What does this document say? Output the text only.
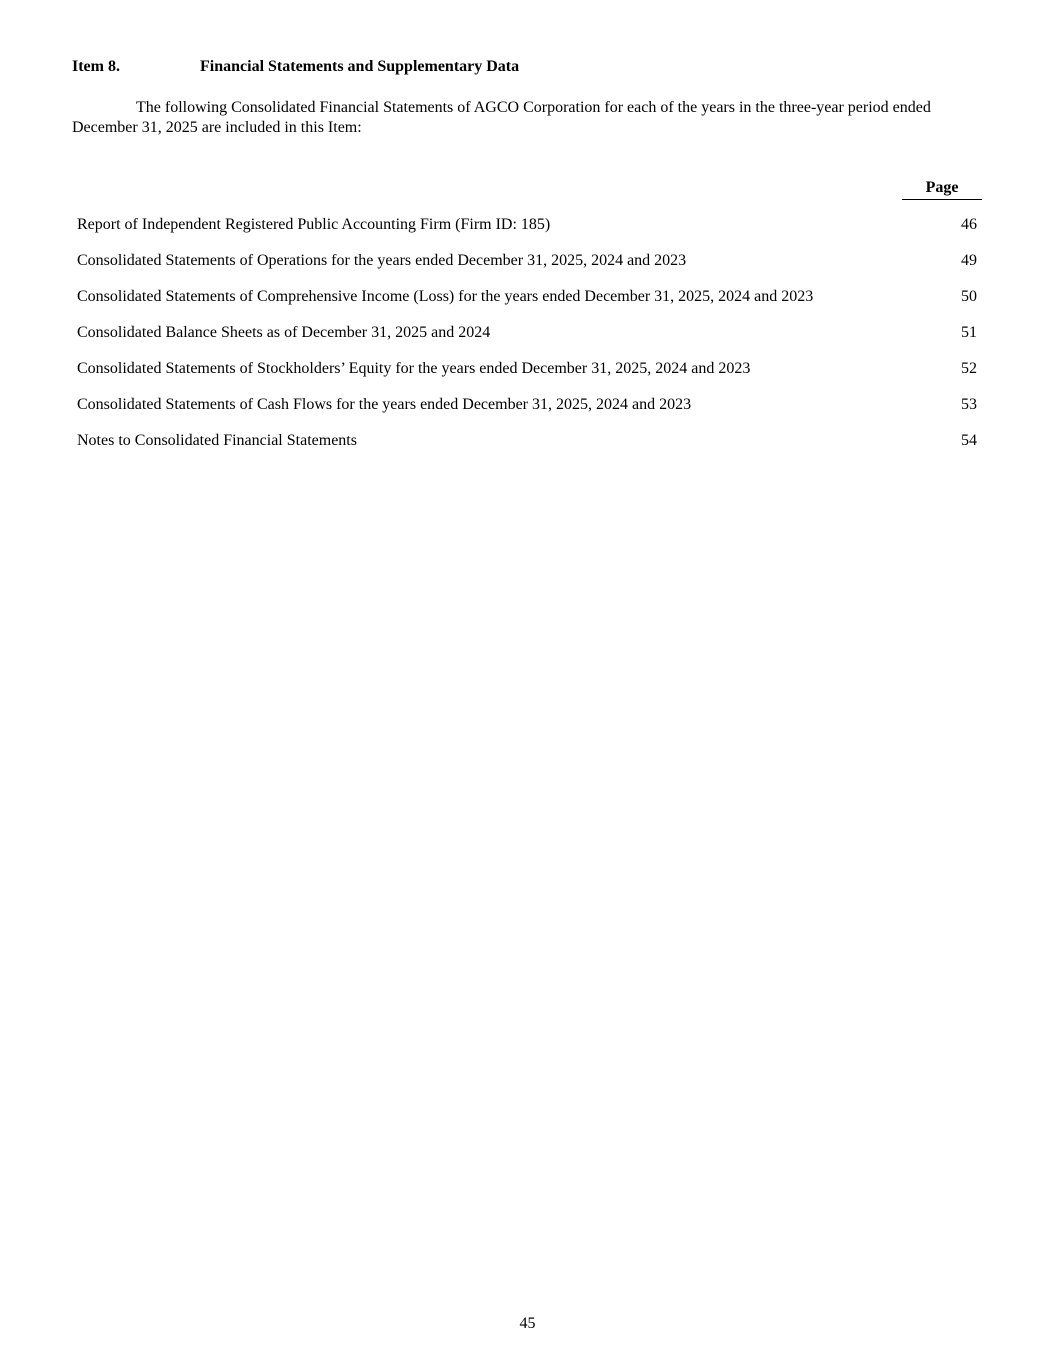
Item 8.	Financial Statements and Supplementary Data

The following Consolidated Financial Statements of AGCO Corporation for each of the years in the three-year period ended December 31, 2025 are included in this Item:

Page
Report of Independent Registered Public Accounting Firm (Firm ID: 185)	46
Consolidated Statements of Operations for the years ended December 31, 2025, 2024 and 2023	49
Consolidated Statements of Comprehensive Income (Loss) for the years ended December 31, 2025, 2024 and 2023	50
Consolidated Balance Sheets as of December 31, 2025 and 2024	51
Consolidated Statements of Stockholders’ Equity for the years ended December 31, 2025, 2024 and 2023	52
Consolidated Statements of Cash Flows for the years ended December 31, 2025, 2024 and 2023	53
Notes to Consolidated Financial Statements	54
45
